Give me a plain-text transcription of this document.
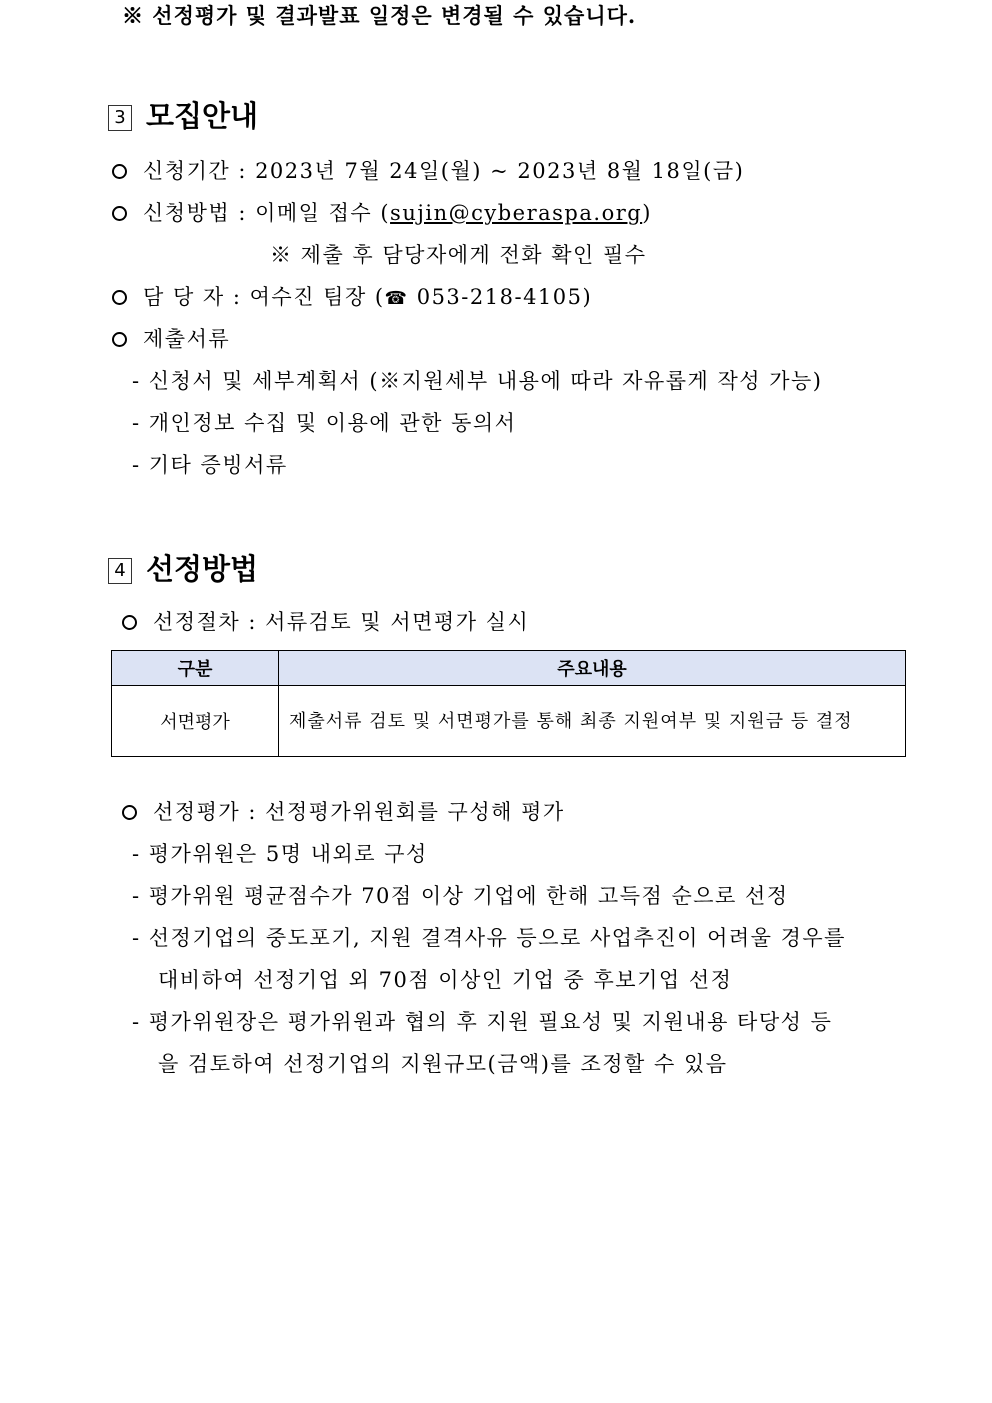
※ 선정평가 및 결과발표 일정은 변경될 수 있습니다.
3 모집안내
신청기간 : 2023년 7월 24일(월) ~ 2023년 8월 18일(금)
신청방법 : 이메일 접수 (sujin@cyberaspa.org)
※ 제출 후 담당자에게 전화 확인 필수
담 당 자 : 여수진 팀장 (☎ 053-218-4105)
제출서류
- 신청서 및 세부계획서 (※지원세부 내용에 따라 자유롭게 작성 가능)
- 개인정보 수집 및 이용에 관한 동의서
- 기타 증빙서류
4 선정방법
선정절차 : 서류검토 및 서면평가 실시
구분	주요내용
서면평가	제출서류 검토 및 서면평가를 통해 최종 지원여부 및 지원금 등 결정
선정평가 : 선정평가위원회를 구성해 평가
- 평가위원은 5명 내외로 구성
- 평가위원 평균점수가 70점 이상 기업에 한해 고득점 순으로 선정
- 선정기업의 중도포기, 지원 결격사유 등으로 사업추진이 어려울 경우를
대비하여 선정기업 외 70점 이상인 기업 중 후보기업 선정
- 평가위원장은 평가위원과 협의 후 지원 필요성 및 지원내용 타당성 등
을 검토하여 선정기업의 지원규모(금액)를 조정할 수 있음
